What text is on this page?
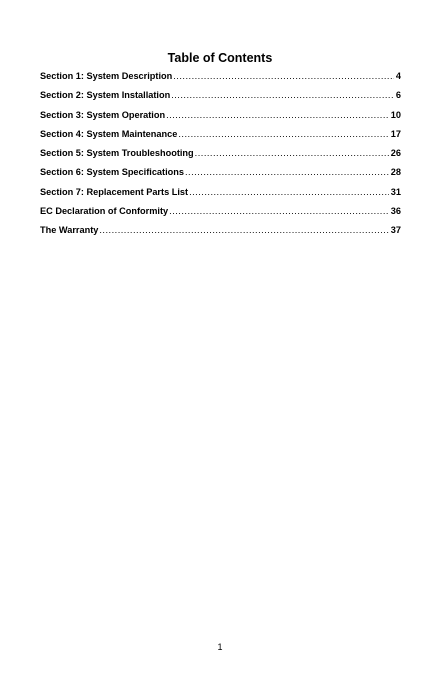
Table of Contents
Section 1: System Description .....	4
Section 2: System Installation .....	6
Section 3: System Operation .....	10
Section 4: System Maintenance .....	17
Section 5: System Troubleshooting .....	26
Section 6: System Specifications .....	28
Section 7: Replacement Parts List .....	31
EC Declaration of Conformity .....	36
The Warranty .....	37
1
